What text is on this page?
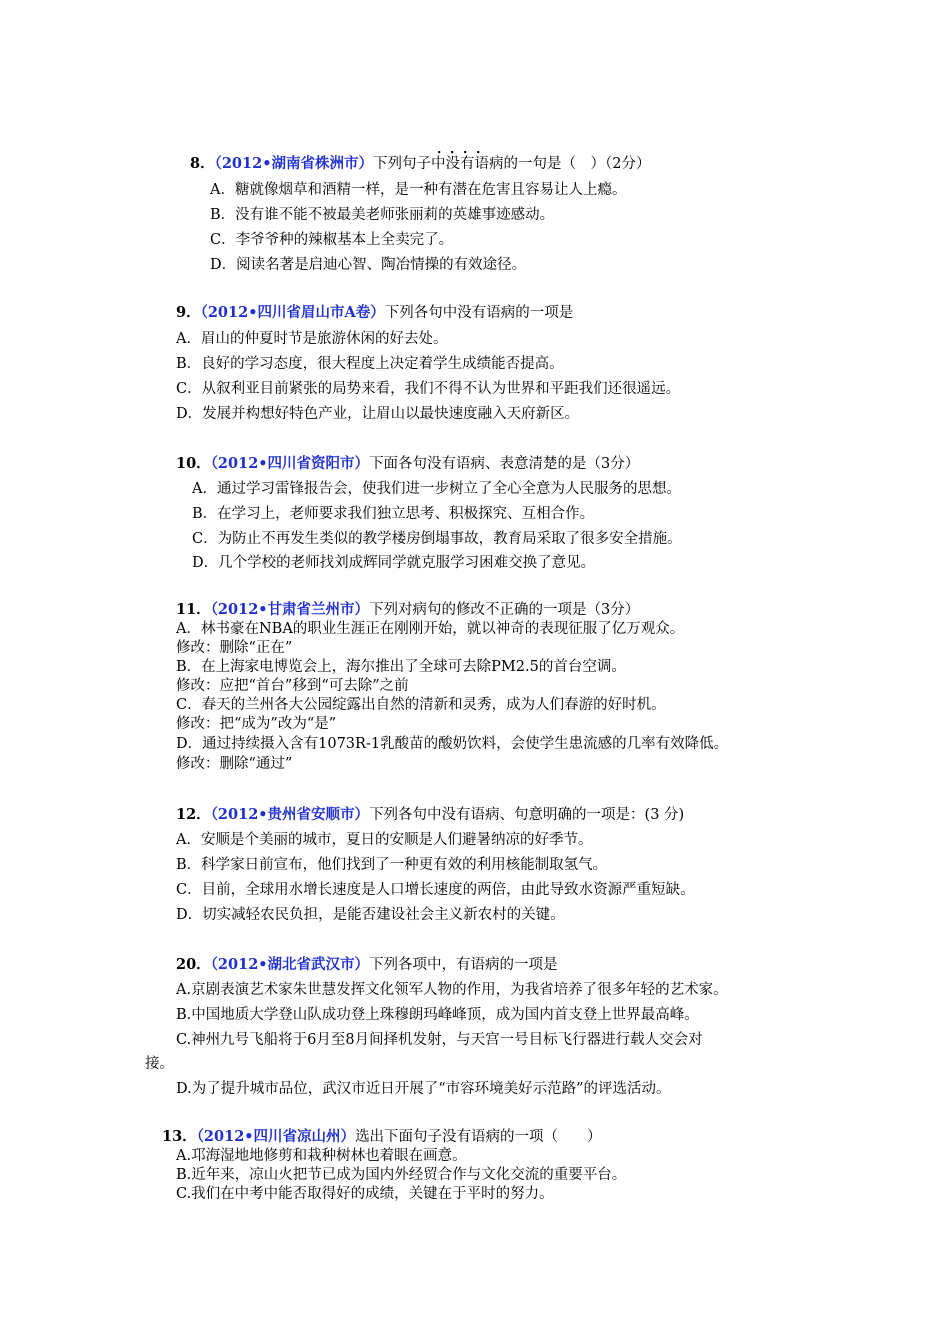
．．．．
8．（2012•湖南省株洲市）下列句子中没有语病的一句是（　）（2分）
A．糖就像烟草和酒精一样，是一种有潜在危害且容易让人上瘾。
B．没有谁不能不被最美老师张丽莉的英雄事迹感动。
C．李爷爷种的辣椒基本上全卖完了。
D．阅读名著是启迪心智、陶冶情操的有效途径。
9．（2012•四川省眉山市A卷）下列各句中没有语病的一项是
A．眉山的仲夏时节是旅游休闲的好去处。
B．良好的学习态度，很大程度上决定着学生成绩能否提高。
C．从叙利亚目前紧张的局势来看，我们不得不认为世界和平距我们还很遥远。
D．发展并构想好特色产业，让眉山以最快速度融入天府新区。
10．（2012•四川省资阳市）下面各句没有语病、表意清楚的是（3分）
A．通过学习雷锋报告会，使我们进一步树立了全心全意为人民服务的思想。
B．在学习上，老师要求我们独立思考、积极探究、互相合作。
C．为防止不再发生类似的教学楼房倒塌事故，教育局采取了很多安全措施。
D．几个学校的老师找刘成辉同学就克服学习困难交换了意见。
11．（2012•甘肃省兰州市）下列对病句的修改不正确的一项是（3分）
A．林书豪在NBA的职业生涯正在刚刚开始，就以神奇的表现征服了亿万观众。
修改：删除“正在”
B．在上海家电博览会上，海尔推出了全球可去除PM2.5的首台空调。
修改：应把“首台”移到“可去除”之前
C．春天的兰州各大公园绽露出自然的清新和灵秀，成为人们春游的好时机。
修改：把“成为”改为“是”
D．通过持续摄入含有1073R-1乳酸苗的酸奶饮料，会使学生患流感的几率有效降低。
修改：删除“通过”
12．（2012•贵州省安顺市）下列各句中没有语病、句意明确的一项是：(3 分)
A．安顺是个美丽的城市，夏日的安顺是人们避暑纳凉的好季节。
B．科学家日前宣布，他们找到了一种更有效的利用核能制取氢气。
C．目前，全球用水增长速度是人口增长速度的两倍，由此导致水资源严重短缺。
D．切实减轻农民负担，是能否建设社会主义新农村的关键。
20．（2012•湖北省武汉市）下列各项中，有语病的一项是
A.京剧表演艺术家朱世慧发挥文化领军人物的作用，为我省培养了很多年轻的艺术家。
B.中国地质大学登山队成功登上珠穆朗玛峰峰顶，成为国内首支登上世界最高峰。
C.神州九号飞船将于6月至8月间择机发射，与天宫一号目标飞行器进行载人交会对
接。
D.为了提升城市品位，武汉市近日开展了“市容环境美好示范路”的评选活动。
13．（2012•四川省凉山州）选出下面句子没有语病的一项（　　）
A.邛海湿地地修剪和栽种树林也着眼在画意。
B.近年来，凉山火把节已成为国内外经贸合作与文化交流的重要平台。
C.我们在中考中能否取得好的成绩，关键在于平时的努力。
